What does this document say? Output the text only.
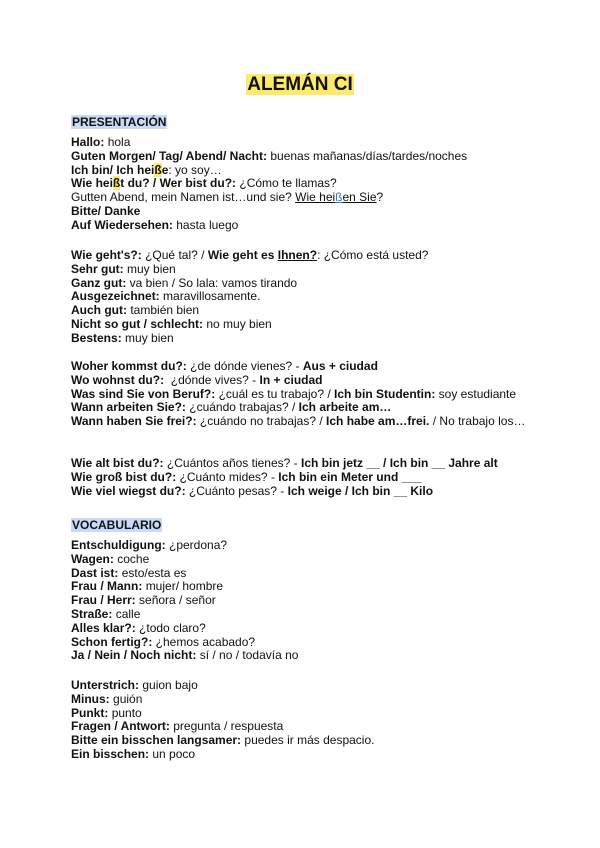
ALEMÁN CI
PRESENTACIÓN
Hallo: hola
Guten Morgen/ Tag/ Abend/ Nacht: buenas mañanas/días/tardes/noches
Ich bin/ Ich heiße: yo soy…
Wie heißt du? / Wer bist du?: ¿Cómo te llamas?
Gutten Abend, mein Namen ist…und sie? Wie heißen Sie?
Bitte/ Danke
Auf Wiedersehen: hasta luego
Wie geht's?: ¿Qué tal? / Wie geht es Ihnen?: ¿Cómo está usted?
Sehr gut: muy bien
Ganz gut: va bien / So lala: vamos tirando
Ausgezeichnet: maravillosamente.
Auch gut: también bien
Nicht so gut / schlecht: no muy bien
Bestens: muy bien
Woher kommst du?: ¿de dónde vienes? - Aus + ciudad
Wo wohnst du?: ¿dónde vives? - In + ciudad
Was sind Sie von Beruf?: ¿cuál es tu trabajo? / Ich bin Studentin: soy estudiante
Wann arbeiten Sie?: ¿cuándo trabajas? / Ich arbeite am…
Wann haben Sie frei?: ¿cuándo no trabajas? / Ich habe am…frei. / No trabajo los…
Wie alt bist du?: ¿Cuántos años tienes? - Ich bin jetz __ / Ich bin __ Jahre alt
Wie groß bist du?: ¿Cuánto mides? - Ich bin ein Meter und ___
Wie viel wiegst du?: ¿Cuánto pesas? - Ich weige / Ich bin __ Kilo
VOCABULARIO
Entschuldigung: ¿perdona?
Wagen: coche
Dast ist: esto/esta es
Frau / Mann: mujer/ hombre
Frau / Herr: señora / señor
Straße: calle
Alles klar?: ¿todo claro?
Schon fertig?: ¿hemos acabado?
Ja / Nein / Noch nicht: sí / no / todavía no
Unterstrich: guion bajo
Minus: guión
Punkt: punto
Fragen / Antwort: pregunta / respuesta
Bitte ein bisschen langsamer: puedes ir más despacio.
Ein bisschen: un poco
